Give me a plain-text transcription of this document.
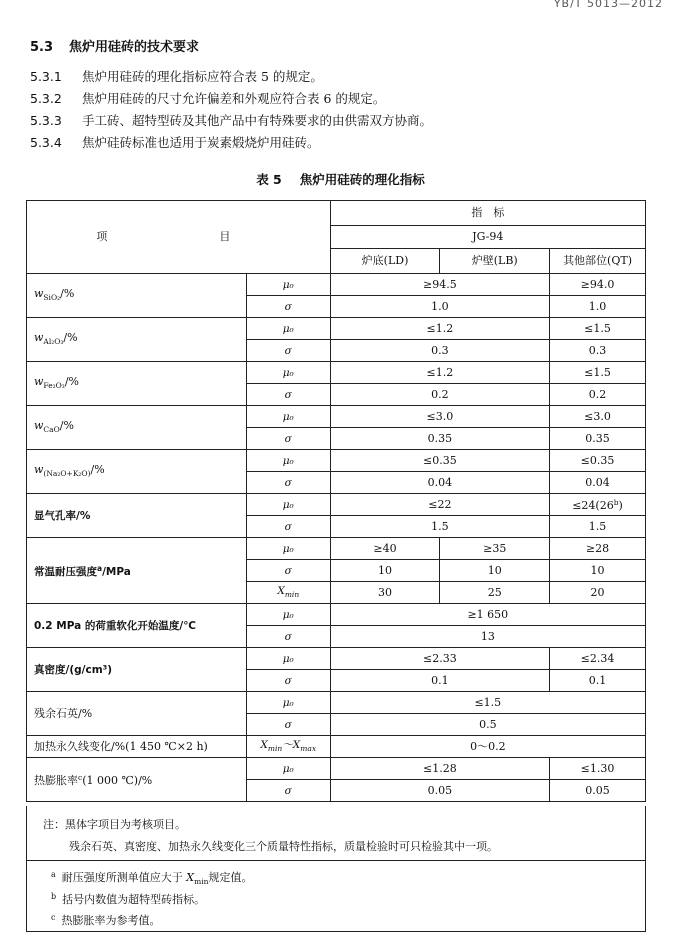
YB/T 5013—2012
5.3 焦炉用硅砖的技术要求
5.3.1 焦炉用硅砖的理化指标应符合表 5 的规定。
5.3.2 焦炉用硅砖的尺寸允许偏差和外观应符合表 6 的规定。
5.3.3 手工砖、超特型砖及其他产品中有特殊要求的由供需双方协商。
5.3.4 焦炉硅砖标准也适用于炭素煅烧炉用硅砖。
表 5 焦炉用硅砖的理化指标
项　　目		指　标		
		JG-94		
		炉底(LD)	炉壁(LB)	其他部位(QT)
$w_{SiO_2}/\%$	μ₀	≥94.5		≥94.0
	σ	1.0		1.0
$w_{Al_2O_3}/\%$	μ₀	≤1.2		≤1.5
	σ	0.3		0.3
$w_{Fe_2O_3}/\%$	μ₀	≤1.2		≤1.5
	σ	0.2		0.2
$w_{CaO}/\%$	μ₀	≤3.0		≤3.0
	σ	0.35		0.35
$w_{(Na_2O+K_2O)}/\%$	μ₀	≤0.35		≤0.35
	σ	0.04		0.04
显气孔率/%	μ₀	≤22		$\le 24(26^b)$
	σ	1.5		1.5
常温耐压强度$^a$/MPa	μ₀	≥40	≥35	≥28
	σ	10	10	10
	$X_{min}$	30	25	20
0.2 MPa 的荷重软化开始温度/℃	μ₀	≥1 650		
	σ	13		
真密度/(g/cm³)	μ₀	≤2.33		≤2.34
	σ	0.1		0.1
残余石英/%	μ₀	≤1.5		
	σ	0.5		
加热永久线变化/%(1 450 ℃×2 h)	$X_{min}\sim X_{max}$	0～0.2		
热膨胀率$^c$(1 000 ℃)/%	μ₀	≤1.28		≤1.30
	σ	0.05		0.05
注：黑体字项目为考核项目。
残余石英、真密度、加热永久线变化三个质量特性指标，质量检验时可只检验其中一项。
$^a$ 耐压强度所测单值应大于 $X_{min}$规定值。
$^b$ 括号内数值为超特型砖指标。
$^c$ 热膨胀率为参考值。
